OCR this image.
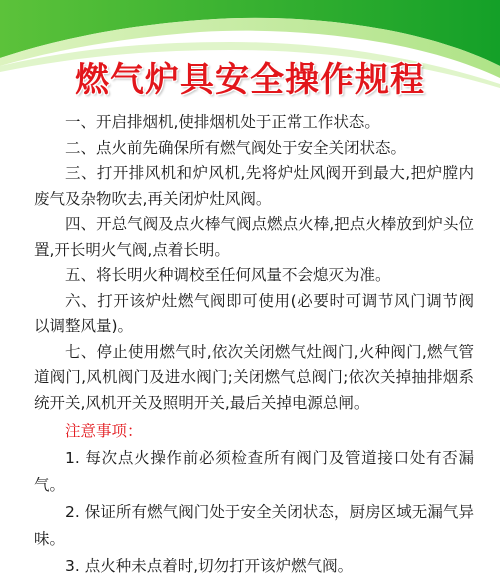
燃气炉具安全操作规程

一、开启排烟机,使排烟机处于正常工作状态。

二、点火前先确保所有燃气阀处于安全关闭状态。

三、打开排风机和炉风机,先将炉灶风阀开到最大,把炉膛内废气及杂物吹去,再关闭炉灶风阀。

四、开总气阀及点火棒气阀点燃点火棒,把点火棒放到炉头位置,开长明火气阀,点着长明。

五、将长明火种调校至任何风量不会熄灭为准。

六、打开该炉灶燃气阀即可使用(必要时可调节风门调节阀以调整风量)。

七、停止使用燃气时,依次关闭燃气灶阀门,火种阀门,燃气管道阀门,风机阀门及进水阀门;关闭燃气总阀门;依次关掉抽排烟系统开关,风机开关及照明开关,最后关掉电源总闸。

注意事项：

1. 每次点火操作前必须检查所有阀门及管道接口处有否漏气。

2. 保证所有燃气阀门处于安全关闭状态，厨房区域无漏气异味。

3. 点火种未点着时,切勿打开该炉燃气阀。
